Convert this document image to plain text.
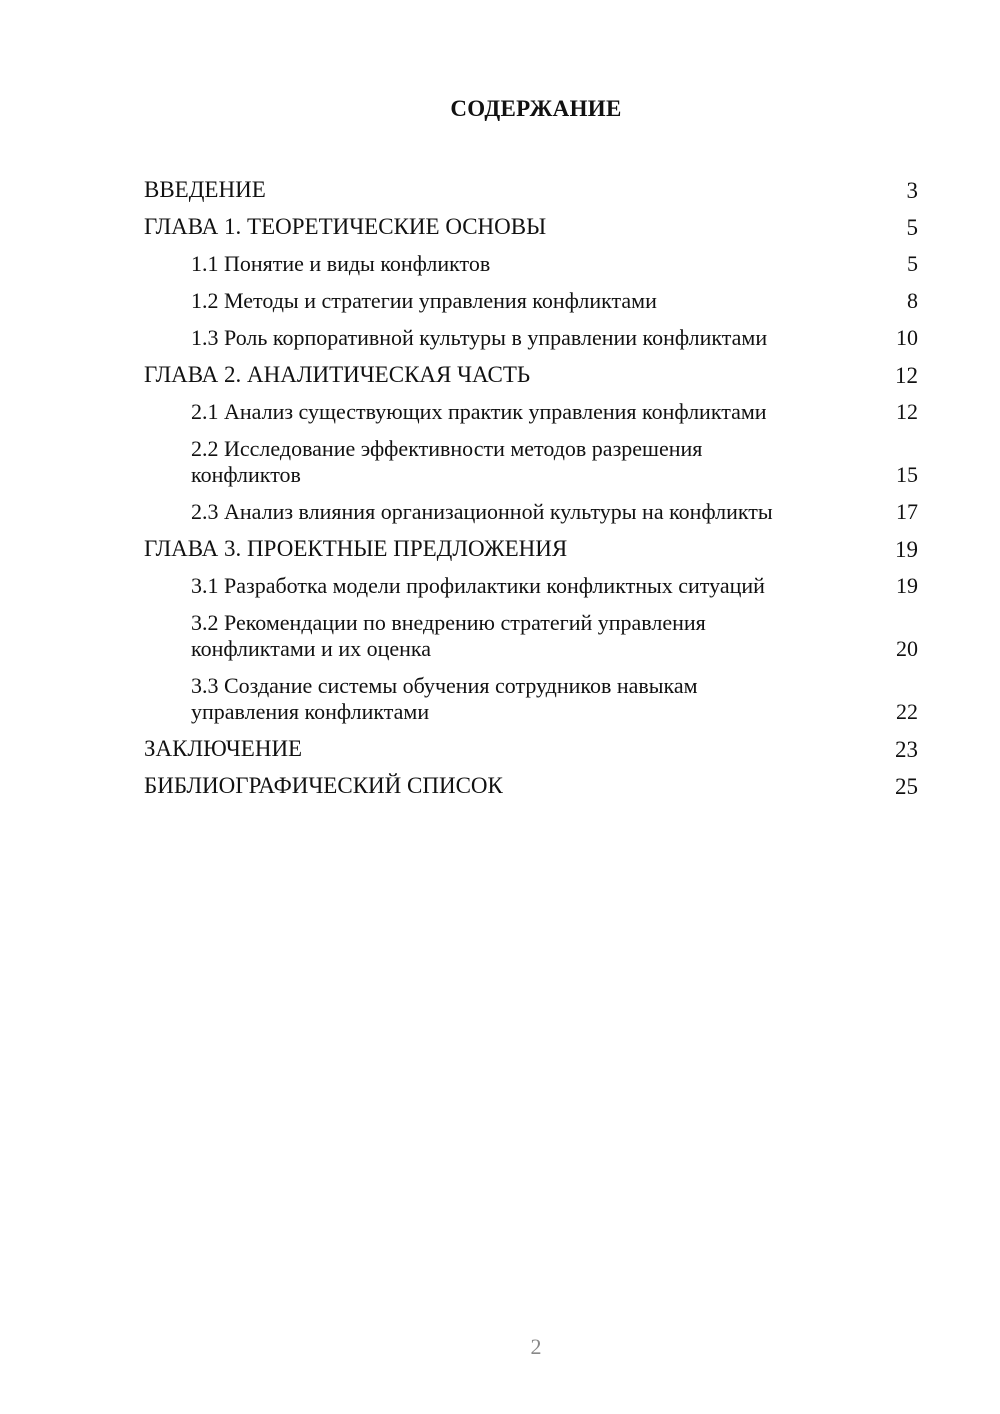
СОДЕРЖАНИЕ
ВВЕДЕНИЕ	3
ГЛАВА 1. ТЕОРЕТИЧЕСКИЕ ОСНОВЫ	5
1.1 Понятие и виды конфликтов	5
1.2 Методы и стратегии управления конфликтами	8
1.3 Роль корпоративной культуры в управлении конфликтами	10
ГЛАВА 2. АНАЛИТИЧЕСКАЯ ЧАСТЬ	12
2.1 Анализ существующих практик управления конфликтами	12
2.2 Исследование эффективности методов разрешения конфликтов	15
2.3 Анализ влияния организационной культуры на конфликты	17
ГЛАВА 3. ПРОЕКТНЫЕ ПРЕДЛОЖЕНИЯ	19
3.1 Разработка модели профилактики конфликтных ситуаций	19
3.2 Рекомендации по внедрению стратегий управления конфликтами и их оценка	20
3.3 Создание системы обучения сотрудников навыкам управления конфликтами	22
ЗАКЛЮЧЕНИЕ	23
БИБЛИОГРАФИЧЕСКИЙ СПИСОК	25
2
